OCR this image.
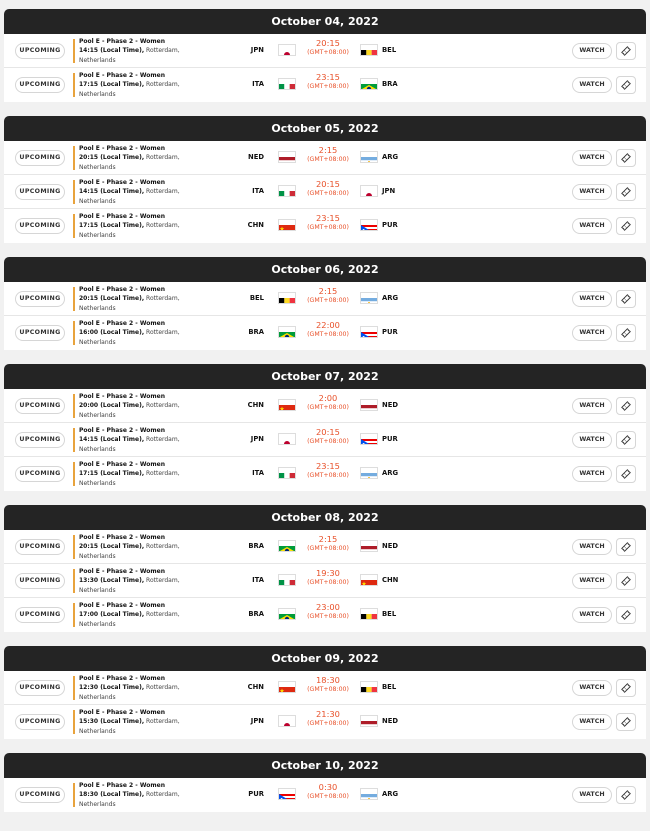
October 04, 2022
UPCOMING
Pool E - Phase 2 - Women
14:15 (Local Time), Rotterdam,
Netherlands
JPN
20:15
(GMT+08:00)	BEL	WATCH
UPCOMING
Pool E - Phase 2 - Women
17:15 (Local Time), Rotterdam,
Netherlands
ITA
23:15
(GMT+08:00)	BRA	WATCH
October 05, 2022
UPCOMING
Pool E - Phase 2 - Women
20:15 (Local Time), Rotterdam,
Netherlands
NED
2:15
(GMT+08:00)	ARG	WATCH
UPCOMING
Pool E - Phase 2 - Women
14:15 (Local Time), Rotterdam,
Netherlands
ITA
20:15
(GMT+08:00)	JPN	WATCH
UPCOMING
Pool E - Phase 2 - Women
17:15 (Local Time), Rotterdam,
Netherlands
CHN
23:15
(GMT+08:00)	PUR	WATCH
October 06, 2022
UPCOMING
Pool E - Phase 2 - Women
20:15 (Local Time), Rotterdam,
Netherlands
BEL
2:15
(GMT+08:00)	ARG	WATCH
UPCOMING
Pool E - Phase 2 - Women
16:00 (Local Time), Rotterdam,
Netherlands
BRA
22:00
(GMT+08:00)	PUR	WATCH
October 07, 2022
UPCOMING
Pool E - Phase 2 - Women
20:00 (Local Time), Rotterdam,
Netherlands
CHN
2:00
(GMT+08:00)	NED	WATCH
UPCOMING
Pool E - Phase 2 - Women
14:15 (Local Time), Rotterdam,
Netherlands
JPN
20:15
(GMT+08:00)	PUR	WATCH
UPCOMING
Pool E - Phase 2 - Women
17:15 (Local Time), Rotterdam,
Netherlands
ITA
23:15
(GMT+08:00)	ARG	WATCH
October 08, 2022
UPCOMING
Pool E - Phase 2 - Women
20:15 (Local Time), Rotterdam,
Netherlands
BRA
2:15
(GMT+08:00)	NED	WATCH
UPCOMING
Pool E - Phase 2 - Women
13:30 (Local Time), Rotterdam,
Netherlands
ITA
19:30
(GMT+08:00)	CHN	WATCH
UPCOMING
Pool E - Phase 2 - Women
17:00 (Local Time), Rotterdam,
Netherlands
BRA
23:00
(GMT+08:00)	BEL	WATCH
October 09, 2022
UPCOMING
Pool E - Phase 2 - Women
12:30 (Local Time), Rotterdam,
Netherlands
CHN
18:30
(GMT+08:00)	BEL	WATCH
UPCOMING
Pool E - Phase 2 - Women
15:30 (Local Time), Rotterdam,
Netherlands
JPN
21:30
(GMT+08:00)	NED	WATCH
October 10, 2022
UPCOMING
Pool E - Phase 2 - Women
18:30 (Local Time), Rotterdam,
Netherlands
PUR
0:30
(GMT+08:00)	ARG	WATCH
